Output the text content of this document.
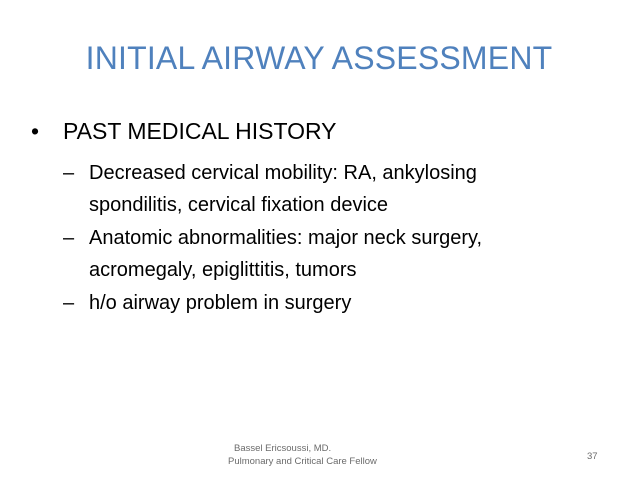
INITIAL AIRWAY ASSESSMENT
• PAST MEDICAL HISTORY
– Decreased cervical mobility: RA, ankylosing
spondilitis, cervical fixation device
– Anatomic abnormalities: major neck surgery,
acromegaly, epiglittitis, tumors
– h/o airway problem in surgery
Bassel Ericsoussi, MD.
Pulmonary and Critical Care Fellow	37
